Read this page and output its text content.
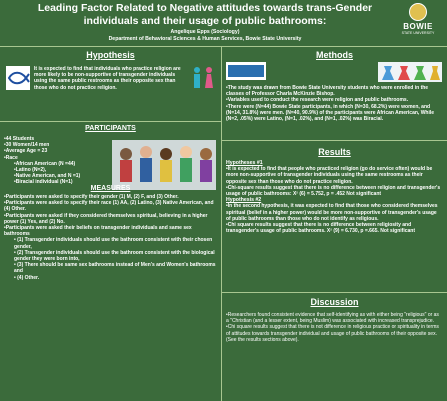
Leading Factor Related to Negative attitudes towards trans-Gender individuals and their usage of public bathrooms:
Angelique Epps (Sociology)
Department of Behavioral Sciences & Human Services, Bowie State University
BOWIE
STATE UNIVERSITY
Hypothesis
It is expected to find that individuals who practice religion are more likely to be non-supportive of transgender individuals using the same public restrooms as their opposite sex than those who do not practice religion.
PARTICIPANTS

•44 Students

•30 Women/14 men

•Average Age = 23

•Race

•African American (N =44)

•Latino (N=2),

•Native American, and N =1)

•Biracial individual (N=1)

MEASURES

•Participants were asked to specify their gender (1) M, (2) F, and (3) Other.

•Participants were asked to specify their race (1) AA, (2) Latino, (3) Native American, and (4) Other.

•Participants were asked if they considered themselves spiritual, believing in a higher power (1) Yes, and (2) No.

•Participants were asked their beliefs on transgender individuals and same sex bathrooms

• (1) Transgender individuals should use the bathroom consistent with their chosen gender,

• (2) Transgender individuals should use the bathroom consistent with the biological gender they were born into,

• (3) There should be same sex bathrooms instead of Men's and Women's bathrooms and

• (4) Other.

Methods

•The study was drawn from Bowie State University students who were enrolled in the classes of Professor Charla McKinzie Bishop.

•Variables used to conduct the research were religion and public bathrooms.

•There were (N=44) Bowie State participants, in which (N=30, 68.2%) were women, and (N=14, 31.8%) were men. (N=40, 90.9%) of the participants were African American, While (N=2, .05%) were Latino, (N=1, .02%), and (N=1, .02%) was Biracial.

Results

Hypotheses #1

•It is expected to find that people who practiced religion (go do service often) would be more non-supportive of transgender individuals using the same restrooms as their opposite sex than those who do not practice religion.

•Chi-square results suggest that there is no difference between religion and transgender's usage of public bathrooms: X² (6) = 5.752, p = .452 Not significant

Hypothesis #2

•In the second hypothesis, it was expected to find that those who considered themselves spiritual (belief in a higher power) would be more non-supportive of transgender's usage of public bathrooms than those who do not identify as religious.

•Chi square results suggest that there is no difference between religiosity and transgender's usage of public bathrooms. X² (9) = 6.730, p =.665. Not significant

Discussion

•Researchers found consistent evidence that self-identifying as with either being "religious" or as a "Christian (and a lesser extent, being Muslim) was associated with increased transprejudice.

•Chi square results suggest that there is not difference in religious practice or spirituality in terms of attitudes towards transgender individual and usage of public bathrooms of their opposite sex. (See the results sections above).
